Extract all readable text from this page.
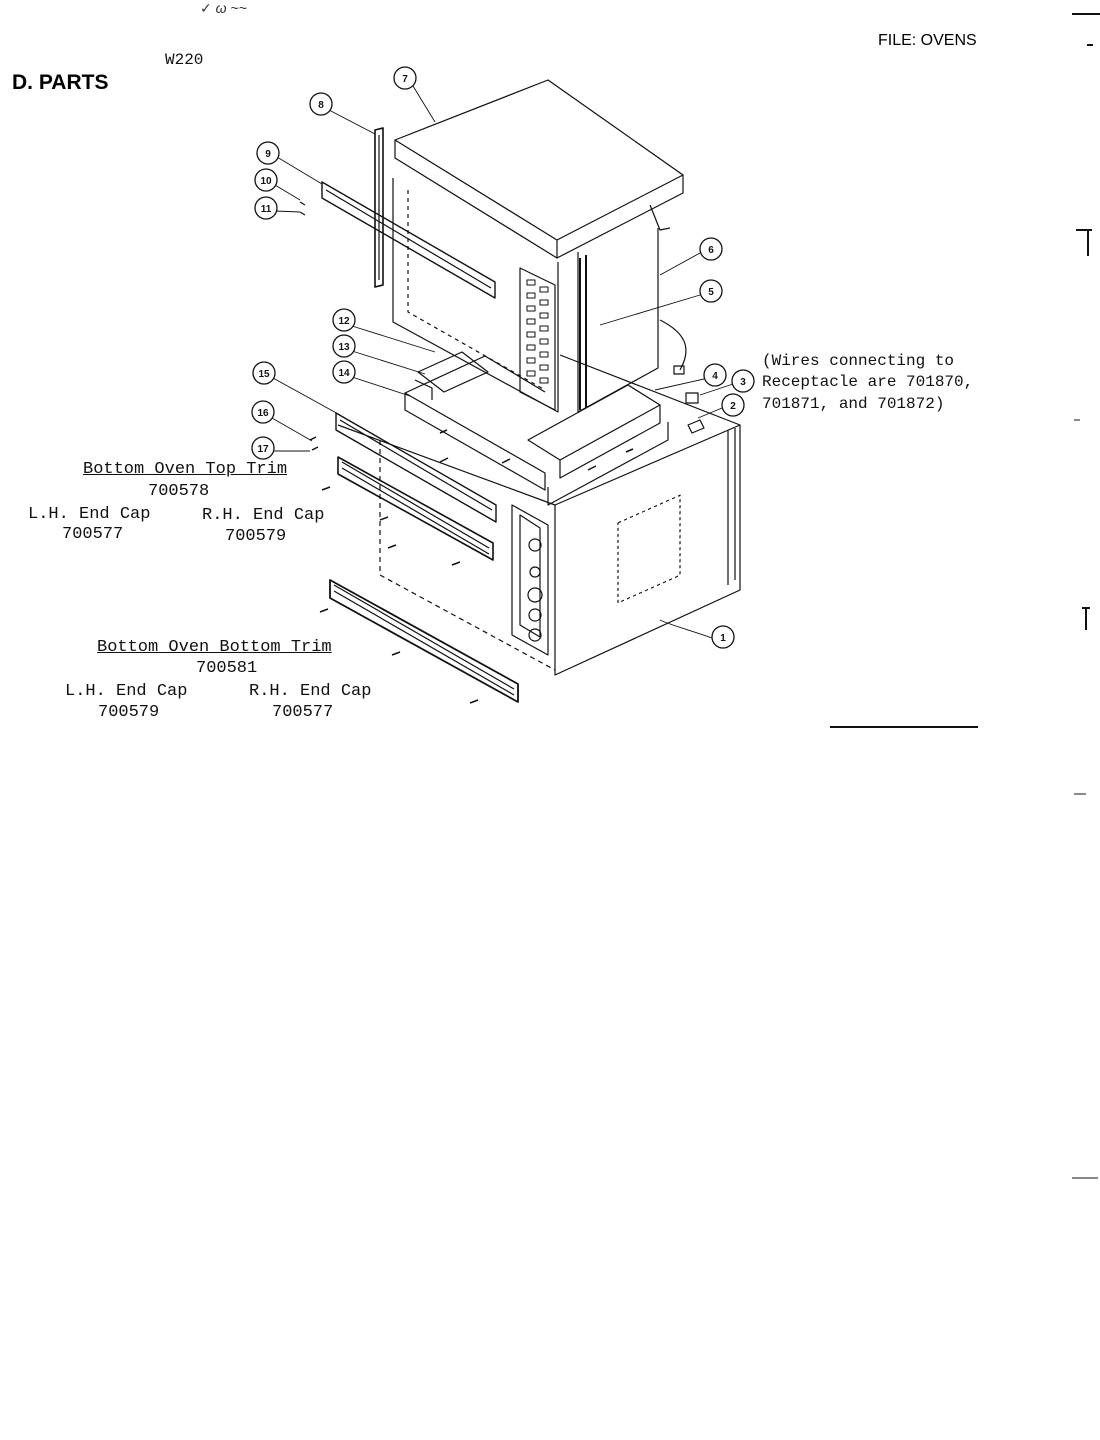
7
8
9
10
11
12
13
14
15
16
17
6
5
4
3
2
1
✓ ω ~~
W220
D. PARTS
FILE: OVENS
(Wires connecting to
Receptacle are 701870,
701871, and 701872)
Bottom Oven Top Trim
700578
L.H. End Cap
700577
R.H. End Cap
700579
Bottom Oven Bottom Trim
700581
L.H. End Cap
700579
R.H. End Cap
700577
